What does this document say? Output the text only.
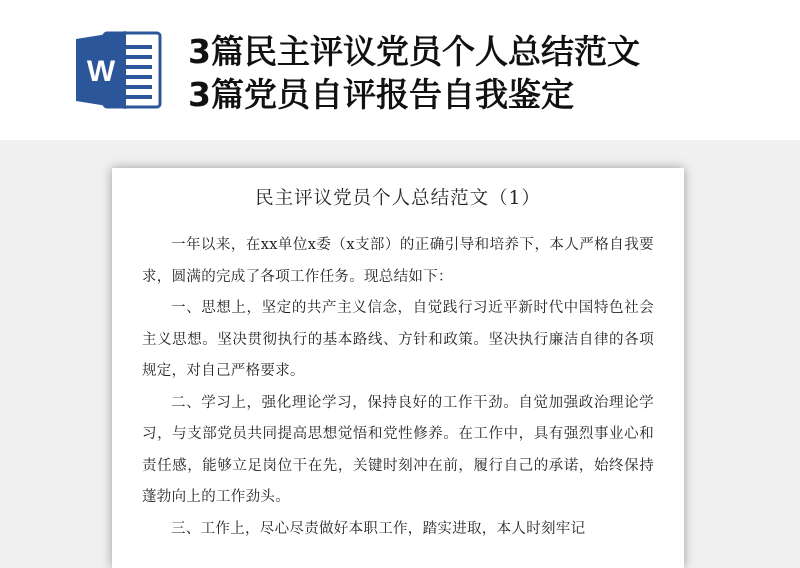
W
3篇民主评议党员个人总结范文
3篇党员自评报告自我鉴定
民主评议党员个人总结范文（1）

一年以来，在xx单位x委（x支部）的正确引导和培养下，本人严格自我要求，圆满的完成了各项工作任务。现总结如下：

一、思想上，坚定的共产主义信念，自觉践行习近平新时代中国特色社会主义思想。坚决贯彻执行的基本路线、方针和政策。坚决执行廉洁自律的各项规定，对自己严格要求。

二、学习上，强化理论学习，保持良好的工作干劲。自觉加强政治理论学习，与支部党员共同提高思想觉悟和党性修养。在工作中，具有强烈事业心和责任感，能够立足岗位干在先，关键时刻冲在前，履行自己的承诺，始终保持蓬勃向上的工作劲头。

三、工作上，尽心尽责做好本职工作，踏实进取，本人时刻牢记
